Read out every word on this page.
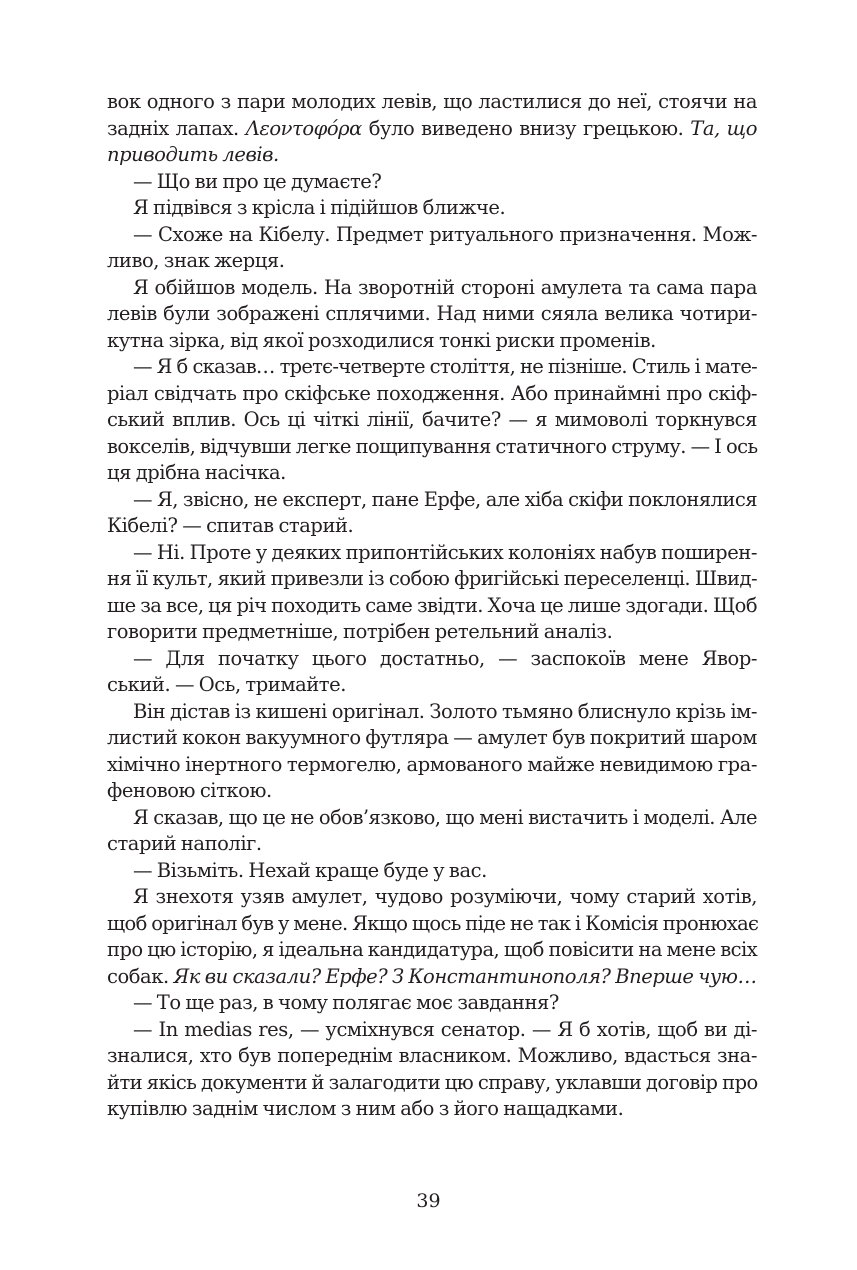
вок одного з пари молодих левів, що ластилися до неї, стоячи на
задніх лапах. Λεοντοφόρα було виведено внизу грецькою. Та, що
приводить левів.
— Що ви про це думаєте?
Я підвівся з крісла і підійшов ближче.
— Схоже на Кібелу. Предмет ритуального призначення. Мож-
ливо, знак жерця.
Я обійшов модель. На зворотній стороні амулета та сама пара
левів були зображені сплячими. Над ними сяяла велика чотири-
кутна зірка, від якої розходилися тонкі риски променів.
— Я б сказав… третє-четверте століття, не пізніше. Стиль і мате-
ріал свідчать про скіфське походження. Або принаймні про скіф-
ський вплив. Ось ці чіткі лінії, бачите? — я мимоволі торкнувся
вокселів, відчувши легке пощипування статичного струму. — І ось
ця дрібна насічка.
— Я, звісно, не експерт, пане Ерфе, але хіба скіфи поклонялися
Кібелі? — спитав старий.
— Ні. Проте у деяких припонтійських колоніях набув поширен-
ня її культ, який привезли із собою фригійські переселенці. Швид-
ше за все, ця річ походить саме звідти. Хоча це лише здогади. Щоб
говорити предметніше, потрібен ретельний аналіз.
— Для початку цього достатньо, — заспокоїв мене Явор-
ський. — Ось, тримайте.
Він дістав із кишені оригінал. Золото тьмяно блиснуло крізь ім-
листий кокон вакуумного футляра — амулет був покритий шаром
хімічно інертного термогелю, армованого майже невидимою гра-
феновою сіткою.
Я сказав, що це не обов’язково, що мені вистачить і моделі. Але
старий наполіг.
— Візьміть. Нехай краще буде у вас.
Я знехотя узяв амулет, чудово розуміючи, чому старий хотів,
щоб оригінал був у мене. Якщо щось піде не так і Комісія пронюхає
про цю історію, я ідеальна кандидатура, щоб повісити на мене всіх
собак. Як ви сказали? Ерфе? З Константинополя? Вперше чую…
— То ще раз, в чому полягає моє завдання?
— In medias res, — усміхнувся сенатор. — Я б хотів, щоб ви ді-
зналися, хто був попереднім власником. Можливо, вдасться зна-
йти якісь документи й залагодити цю справу, уклавши договір про
купівлю заднім числом з ним або з його нащадками.
39
